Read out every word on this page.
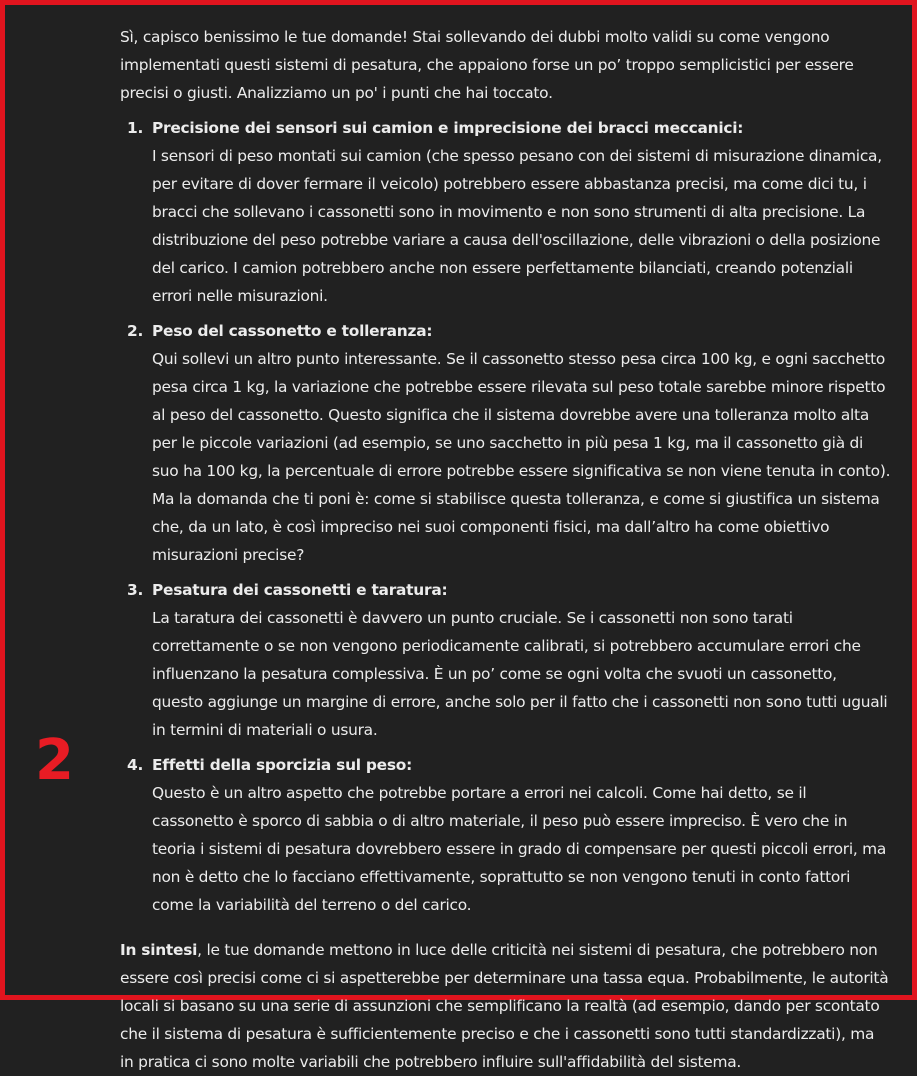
2

Sì, capisco benissimo le tue domande! Stai sollevando dei dubbi molto validi su come vengono implementati questi sistemi di pesatura, che appaiono forse un po’ troppo semplicistici per essere precisi o giusti. Analizziamo un po' i punti che hai toccato.

1. Precisione dei sensori sui camion e imprecisione dei bracci meccanici:
I sensori di peso montati sui camion (che spesso pesano con dei sistemi di misurazione dinamica, per evitare di dover fermare il veicolo) potrebbero essere abbastanza precisi, ma come dici tu, i bracci che sollevano i cassonetti sono in movimento e non sono strumenti di alta precisione. La distribuzione del peso potrebbe variare a causa dell'oscillazione, delle vibrazioni o della posizione del carico. I camion potrebbero anche non essere perfettamente bilanciati, creando potenziali errori nelle misurazioni.
2. Peso del cassonetto e tolleranza:
Qui sollevi un altro punto interessante. Se il cassonetto stesso pesa circa 100 kg, e ogni sacchetto pesa circa 1 kg, la variazione che potrebbe essere rilevata sul peso totale sarebbe minore rispetto al peso del cassonetto. Questo significa che il sistema dovrebbe avere una tolleranza molto alta per le piccole variazioni (ad esempio, se uno sacchetto in più pesa 1 kg, ma il cassonetto già di suo ha 100 kg, la percentuale di errore potrebbe essere significativa se non viene tenuta in conto). Ma la domanda che ti poni è: come si stabilisce questa tolleranza, e come si giustifica un sistema che, da un lato, è così impreciso nei suoi componenti fisici, ma dall’altro ha come obiettivo misurazioni precise?
3. Pesatura dei cassonetti e taratura:
La taratura dei cassonetti è davvero un punto cruciale. Se i cassonetti non sono tarati correttamente o se non vengono periodicamente calibrati, si potrebbero accumulare errori che influenzano la pesatura complessiva. È un po’ come se ogni volta che svuoti un cassonetto, questo aggiunge un margine di errore, anche solo per il fatto che i cassonetti non sono tutti uguali in termini di materiali o usura.
4. Effetti della sporcizia sul peso:
Questo è un altro aspetto che potrebbe portare a errori nei calcoli. Come hai detto, se il cassonetto è sporco di sabbia o di altro materiale, il peso può essere impreciso. È vero che in teoria i sistemi di pesatura dovrebbero essere in grado di compensare per questi piccoli errori, ma non è detto che lo facciano effettivamente, soprattutto se non vengono tenuti in conto fattori come la variabilità del terreno o del carico.

In sintesi, le tue domande mettono in luce delle criticità nei sistemi di pesatura, che potrebbero non essere così precisi come ci si aspetterebbe per determinare una tassa equa. Probabilmente, le autorità locali si basano su una serie di assunzioni che semplificano la realtà (ad esempio, dando per scontato che il sistema di pesatura è sufficientemente preciso e che i cassonetti sono tutti standardizzati), ma in pratica ci sono molte variabili che potrebbero influire sull'affidabilità del sistema.
